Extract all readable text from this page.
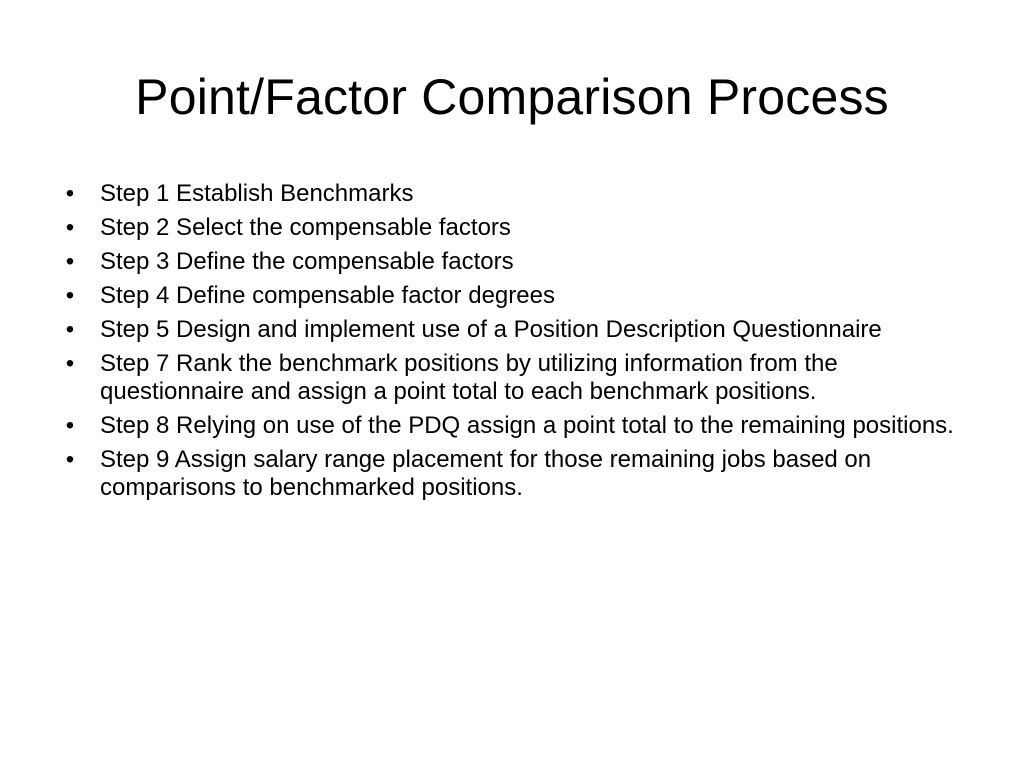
Point/Factor Comparison Process
• Step 1 Establish Benchmarks
• Step 2 Select the compensable factors
• Step 3 Define the compensable factors
• Step 4 Define compensable factor degrees
• Step 5 Design and implement use of a Position Description Questionnaire
• Step 7 Rank the benchmark positions by utilizing information from the questionnaire and assign a point total to each benchmark positions.
• Step 8 Relying on use of the PDQ assign a point total to the remaining positions.
• Step 9 Assign salary range placement for those remaining jobs based on comparisons to benchmarked positions.
